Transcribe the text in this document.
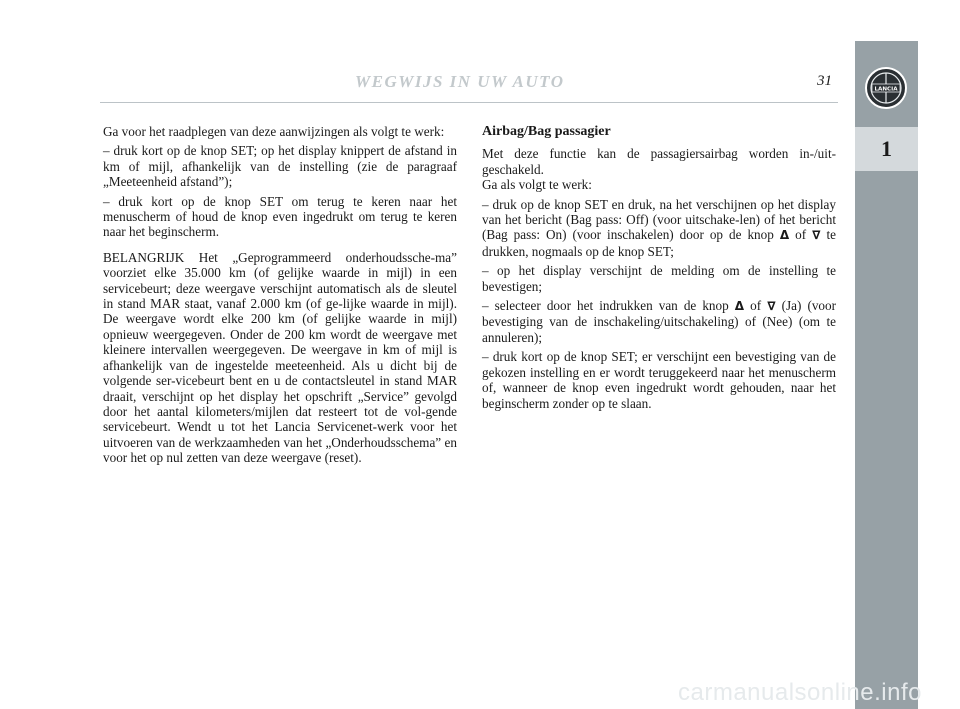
WEGWIJS IN UW AUTO	31
LANCIA
1

Ga voor het raadplegen van deze aanwijzingen als volgt te werk:

– druk kort op de knop SET; op het display knippert de afstand in km of mijl, afhankelijk van de instelling (zie de paragraaf „Meeteenheid afstand”);

– druk kort op de knop SET om terug te keren naar het menuscherm of houd de knop even ingedrukt om terug te keren naar het beginscherm.

BELANGRIJK Het „Geprogrammeerd onderhoudssche-ma” voorziet elke 35.000 km (of gelijke waarde in mijl) in een servicebeurt; deze weergave verschijnt automatisch als de sleutel in stand MAR staat, vanaf 2.000 km (of ge-lijke waarde in mijl). De weergave wordt elke 200 km (of gelijke waarde in mijl) opnieuw weergegeven. Onder de 200 km wordt de weergave met kleinere intervallen weergegeven. De weergave in km of mijl is afhankelijk van de ingestelde meeteenheid. Als u dicht bij de volgende ser-vicebeurt bent en u de contactsleutel in stand MAR draait, verschijnt op het display het opschrift „Service” gevolgd door het aantal kilometers/mijlen dat resteert tot de vol-gende servicebeurt. Wendt u tot het Lancia Servicenet-werk voor het uitvoeren van de werkzaamheden van het „Onderhoudsschema” en voor het op nul zetten van deze weergave (reset).

Airbag/Bag passagier

Met deze functie kan de passagiersairbag worden in-/uit-geschakeld.

Ga als volgt te werk:

– druk op de knop SET en druk, na het verschijnen op het display van het bericht (Bag pass: Off) (voor uitschake-len) of het bericht (Bag pass: On) (voor inschakelen) door op de knop Δ of ∇ te drukken, nogmaals op de knop SET;

– op het display verschijnt de melding om de instelling te bevestigen;

– selecteer door het indrukken van de knop Δ of ∇ (Ja) (voor bevestiging van de inschakeling/uitschakeling) of (Nee) (om te annuleren);

– druk kort op de knop SET; er verschijnt een bevestiging van de gekozen instelling en er wordt teruggekeerd naar het menuscherm of, wanneer de knop even ingedrukt wordt gehouden, naar het beginscherm zonder op te slaan.

carmanualsonline.info
